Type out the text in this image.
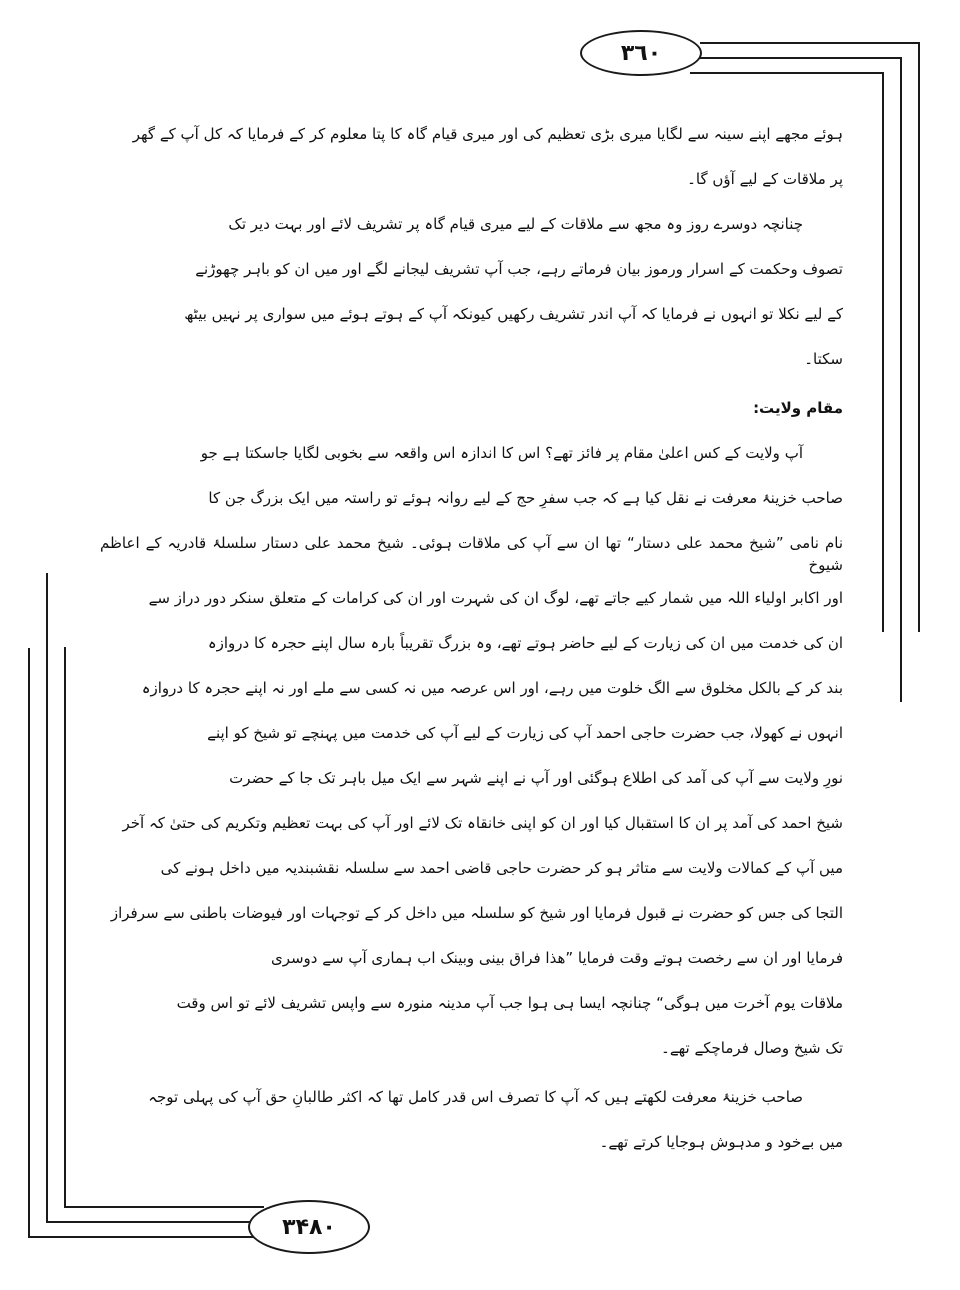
۳٦۰
۳۴۸۰
ہوئے مجھے اپنے سینہ سے لگایا میری بڑی تعظیم کی اور میری قیام گاہ کا پتا معلوم کر کے فرمایا کہ کل آپ کے گھر
پر ملاقات کے لیے آؤں گا۔
چنانچہ دوسرے روز وہ مجھ سے ملاقات کے لیے میری قیام گاہ پر تشریف لائے اور بہت دیر تک
تصوف وحکمت کے اسرار ورموز بیان فرماتے رہے، جب آپ تشریف لیجانے لگے اور میں ان کو باہر چھوڑنے
کے لیے نکلا تو انہوں نے فرمایا کہ آپ اندر تشریف رکھیں کیونکہ آپ کے ہوتے ہوئے میں سواری پر نہیں بیٹھ
سکتا۔
مقام ولایت:
آپ ولایت کے کس اعلیٰ مقام پر فائز تھے؟ اس کا اندازہ اس واقعہ سے بخوبی لگایا جاسکتا ہے جو
صاحب خزینۂ معرفت نے نقل کیا ہے کہ جب سفرِ حج کے لیے روانہ ہوئے تو راستہ میں ایک بزرگ جن کا
نام نامی ”شیخ محمد علی دستار“ تھا ان سے آپ کی ملاقات ہوئی۔ شیخ محمد علی دستار سلسلۂ قادریہ کے اعاظم شیوخ
اور اکابر اولیاء اللہ میں شمار کیے جاتے تھے، لوگ ان کی شہرت اور ان کی کرامات کے متعلق سنکر دور دراز سے
ان کی خدمت میں ان کی زیارت کے لیے حاضر ہوتے تھے، وہ بزرگ تقریباً بارہ سال اپنے حجرہ کا دروازہ
بند کر کے بالکل مخلوق سے الگ خلوت میں رہے، اور اس عرصہ میں نہ کسی سے ملے اور نہ اپنے حجرہ کا دروازہ
انہوں نے کھولا، جب حضرت حاجی احمد آپ کی زیارت کے لیے آپ کی خدمت میں پہنچے تو شیخ کو اپنے
نورِ ولایت سے آپ کی آمد کی اطلاع ہوگئی اور آپ نے اپنے شہر سے ایک میل باہر تک جا کے حضرت
شیخ احمد کی آمد پر ان کا استقبال کیا اور ان کو اپنی خانقاہ تک لائے اور آپ کی بہت تعظیم وتکریم کی حتیٰ کہ آخر
میں آپ کے کمالات ولایت سے متاثر ہو کر حضرت حاجی قاضی احمد سے سلسلہ نقشبندیہ میں داخل ہونے کی
التجا کی جس کو حضرت نے قبول فرمایا اور شیخ کو سلسلہ میں داخل کر کے توجہات اور فیوضات باطنی سے سرفراز
فرمایا اور ان سے رخصت ہوتے وقت فرمایا ”ھذا فراق بینی وبینک اب ہماری آپ سے دوسری
ملاقات یوم آخرت میں ہوگی“ چنانچہ ایسا ہی ہوا جب آپ مدینہ منورہ سے واپس تشریف لائے تو اس وقت
تک شیخ وصال فرماچکے تھے۔
صاحب خزینۂ معرفت لکھتے ہیں کہ آپ کا تصرف اس قدر کامل تھا کہ اکثر طالبانِ حق آپ کی پہلی توجہ
میں بےخود و مدہوش ہوجایا کرتے تھے۔
